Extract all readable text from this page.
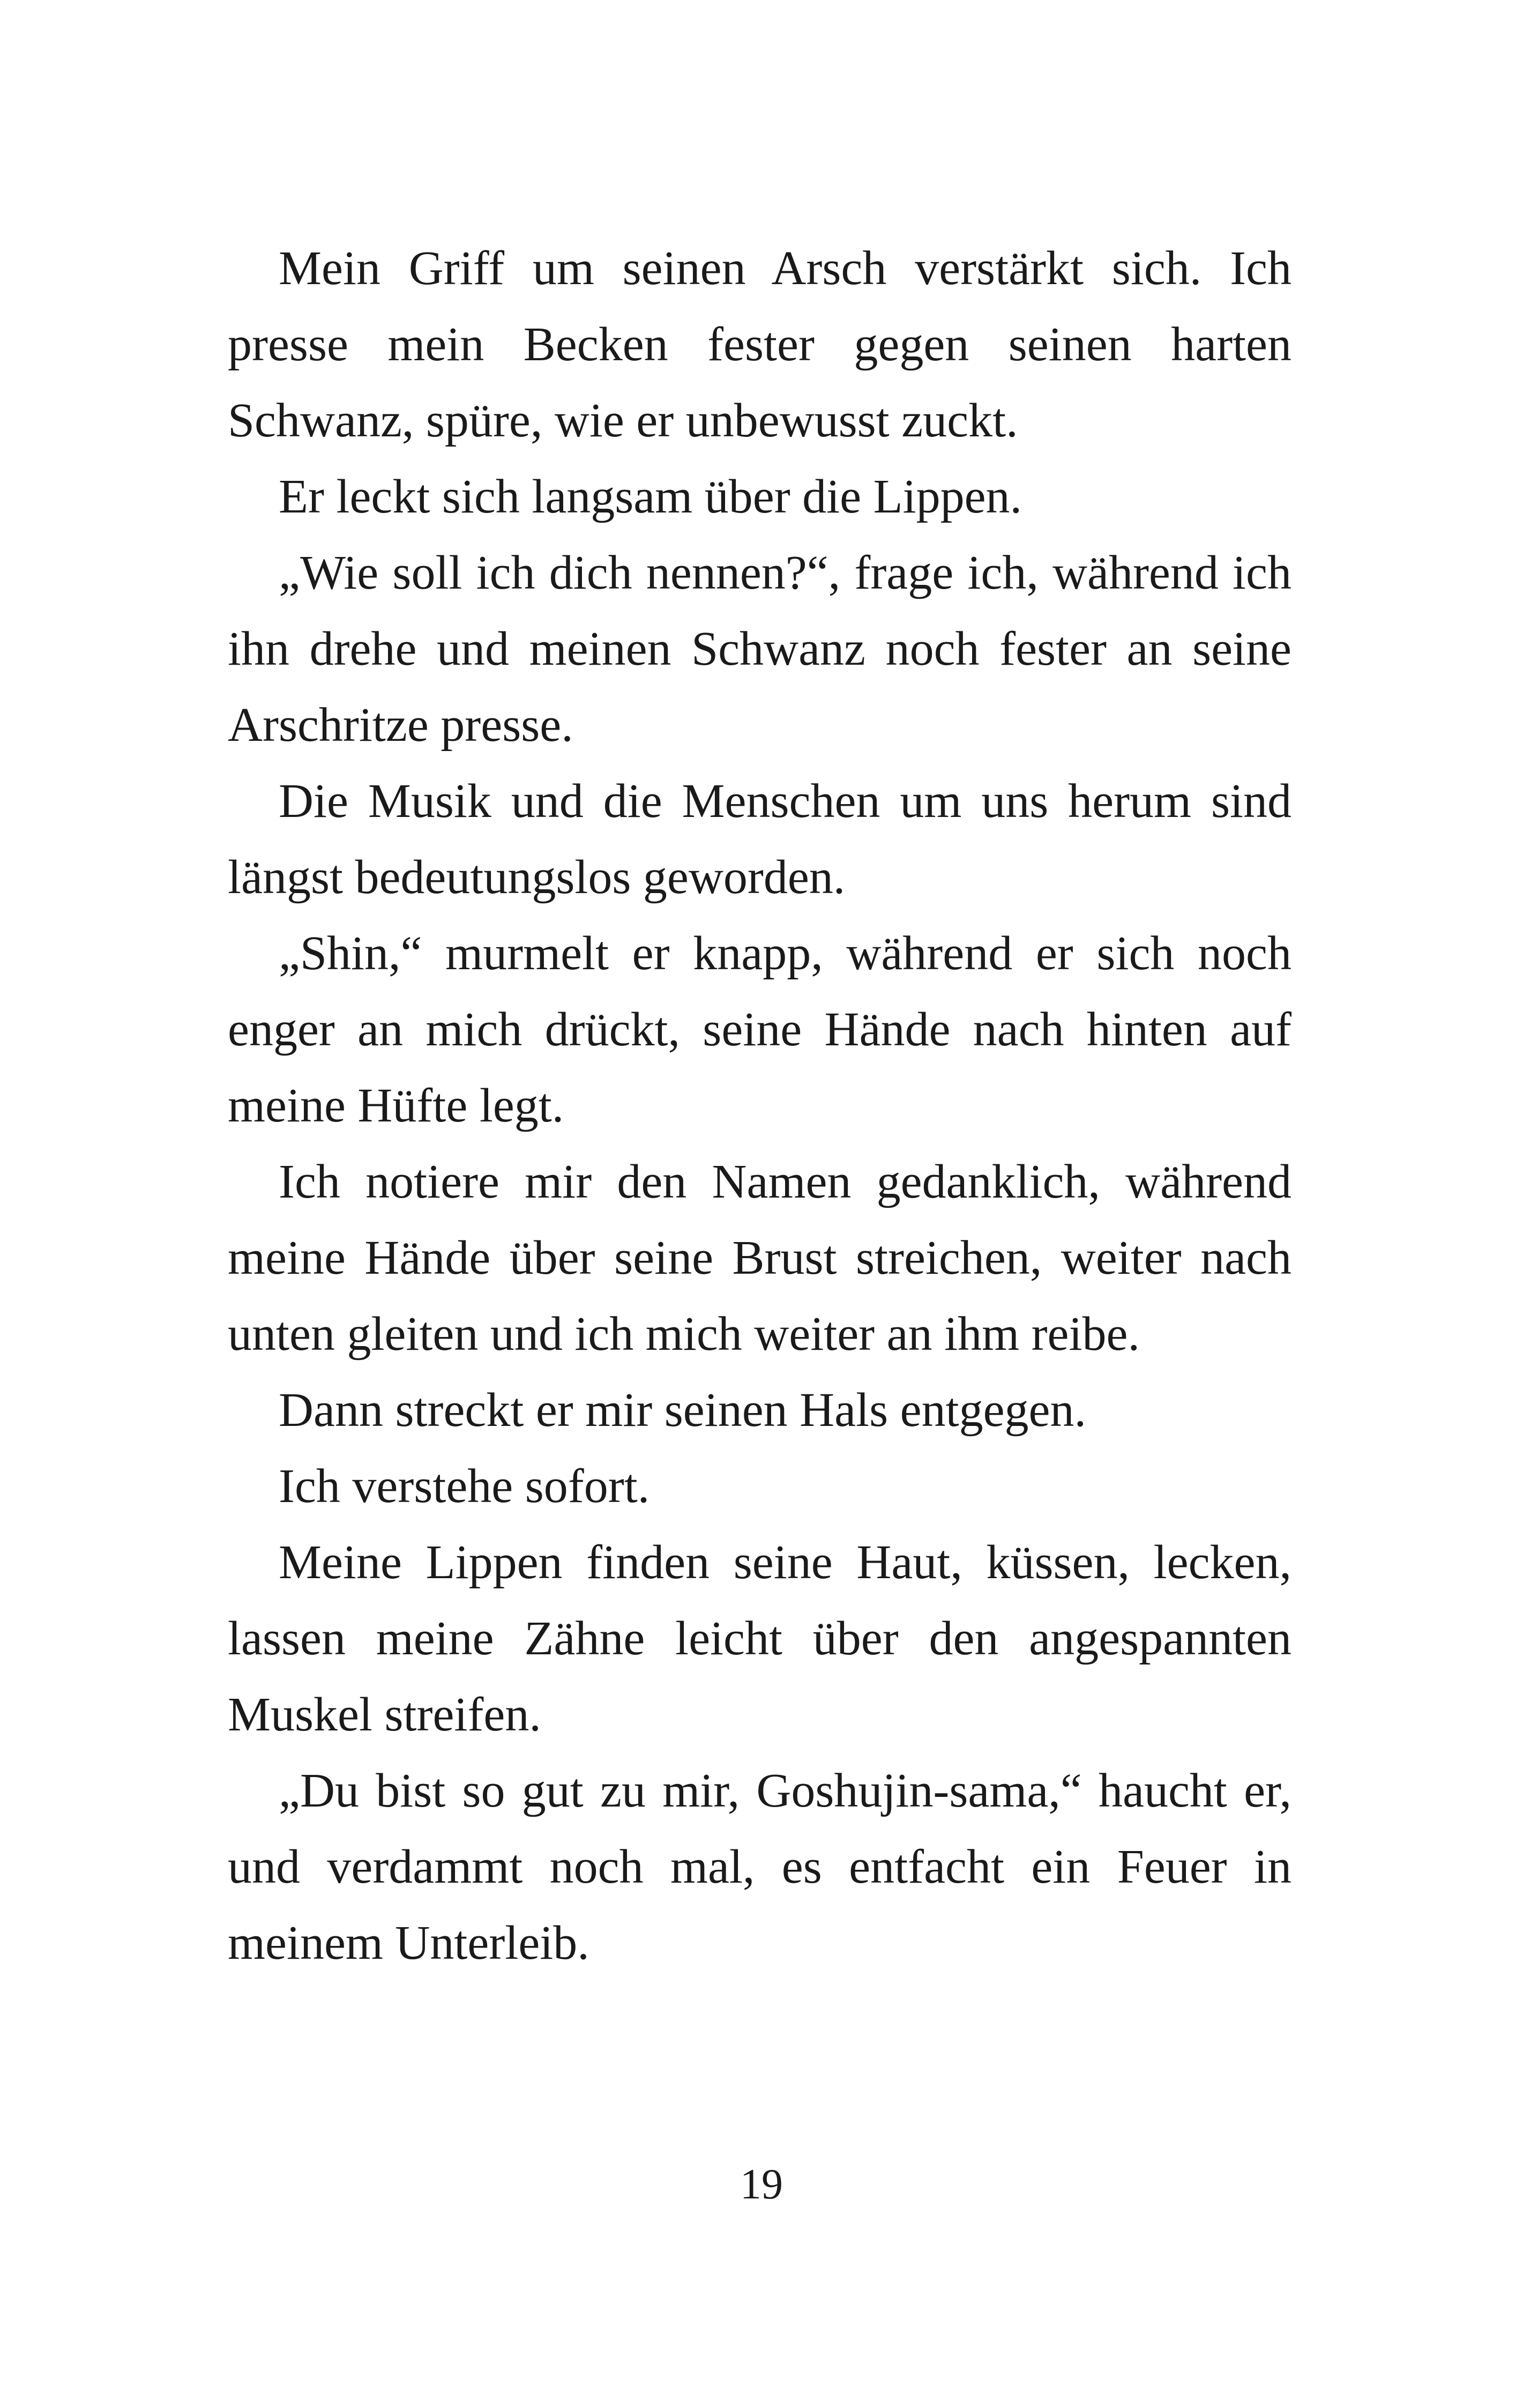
Mein Griff um seinen Arsch verstärkt sich. Ich presse mein Becken fester gegen seinen harten Schwanz, spüre, wie er unbewusst zuckt.

Er leckt sich langsam über die Lippen.

„Wie soll ich dich nennen?“, frage ich, während ich ihn drehe und meinen Schwanz noch fester an seine Arschritze presse.

Die Musik und die Menschen um uns herum sind längst bedeutungslos geworden.

„Shin,“ murmelt er knapp, während er sich noch enger an mich drückt, seine Hände nach hinten auf meine Hüfte legt.

Ich notiere mir den Namen gedanklich, während meine Hände über seine Brust streichen, weiter nach unten gleiten und ich mich weiter an ihm reibe.

Dann streckt er mir seinen Hals entgegen.

Ich verstehe sofort.

Meine Lippen finden seine Haut, küssen, lecken, lassen meine Zähne leicht über den angespannten Muskel streifen.

„Du bist so gut zu mir, Goshujin-sama,“ haucht er, und verdammt noch mal, es entfacht ein Feuer in meinem Unterleib.

19
